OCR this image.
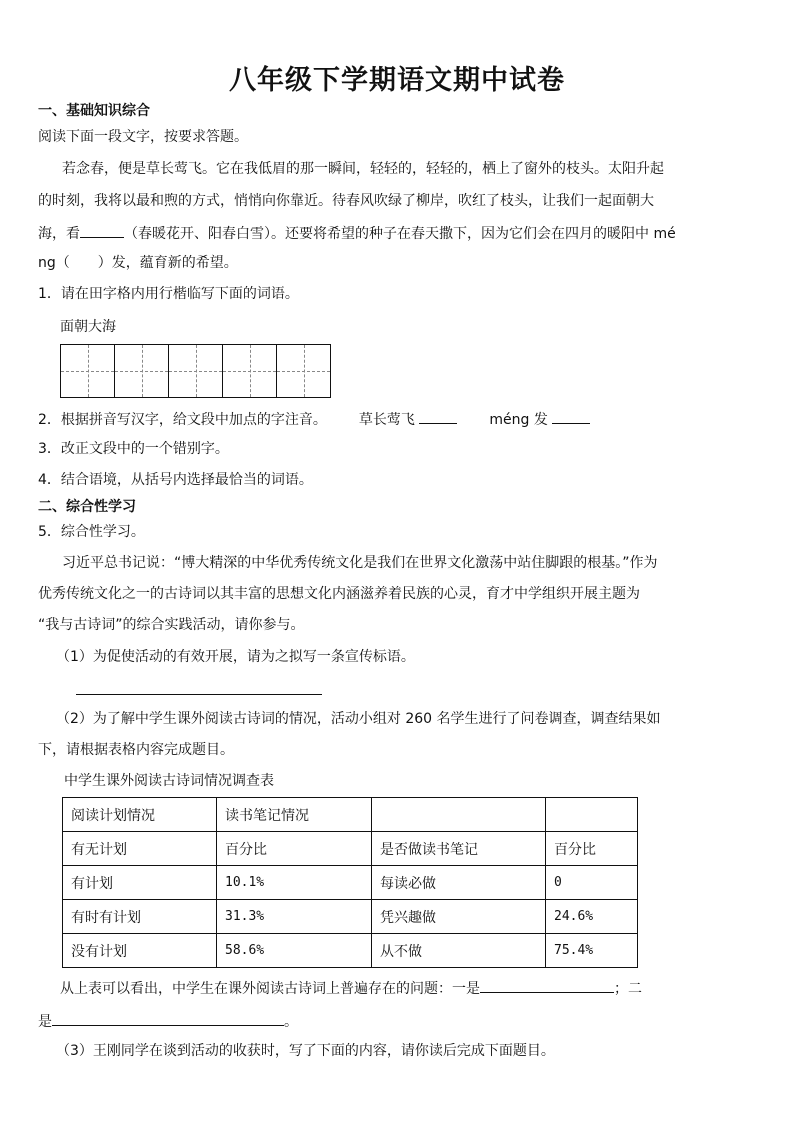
八年级下学期语文期中试卷
一、基础知识综合
阅读下面一段文字，按要求答题。
若念春，便是草长莺飞。它在我低眉的那一瞬间，轻轻的，轻轻的，栖上了窗外的枝头。太阳升起
的时刻，我将以最和煦的方式，悄悄向你靠近。待春风吹绿了柳岸，吹红了枝头，让我们一起面朝大
海，看	（春暖花开、阳春白雪）。还要将希望的种子在春天撒下，因为它们会在四月的暖阳中 mé
ng（　　）发，蕴育新的希望。
1．请在田字格内用行楷临写下面的词语。
面朝大海
2．根据拼音写汉字，给文段中加点的字注音。 草长莺飞	méng 发
3．改正文段中的一个错别字。
4．结合语境，从括号内选择最恰当的词语。
二、综合性学习
5．综合性学习。
习近平总书记说：“博大精深的中华优秀传统文化是我们在世界文化激荡中站住脚跟的根基。”作为
优秀传统文化之一的古诗词以其丰富的思想文化内涵滋养着民族的心灵，育才中学组织开展主题为
“我与古诗词”的综合实践活动，请你参与。
（1）为促使活动的有效开展，请为之拟写一条宣传标语。
（2）为了解中学生课外阅读古诗词的情况，活动小组对 260 名学生进行了问卷调查，调查结果如
下，请根据表格内容完成题目。
中学生课外阅读古诗词情况调查表
阅读计划情况	读书笔记情况		
有无计划	百分比	是否做读书笔记	百分比
有计划	10.1%	每读必做	0
有时有计划	31.3%	凭兴趣做	24.6%
没有计划	58.6%	从不做	75.4%
从上表可以看出，中学生在课外阅读古诗词上普遍存在的问题：一是	；二
是	。
（3）王刚同学在谈到活动的收获时，写了下面的内容，请你读后完成下面题目。
